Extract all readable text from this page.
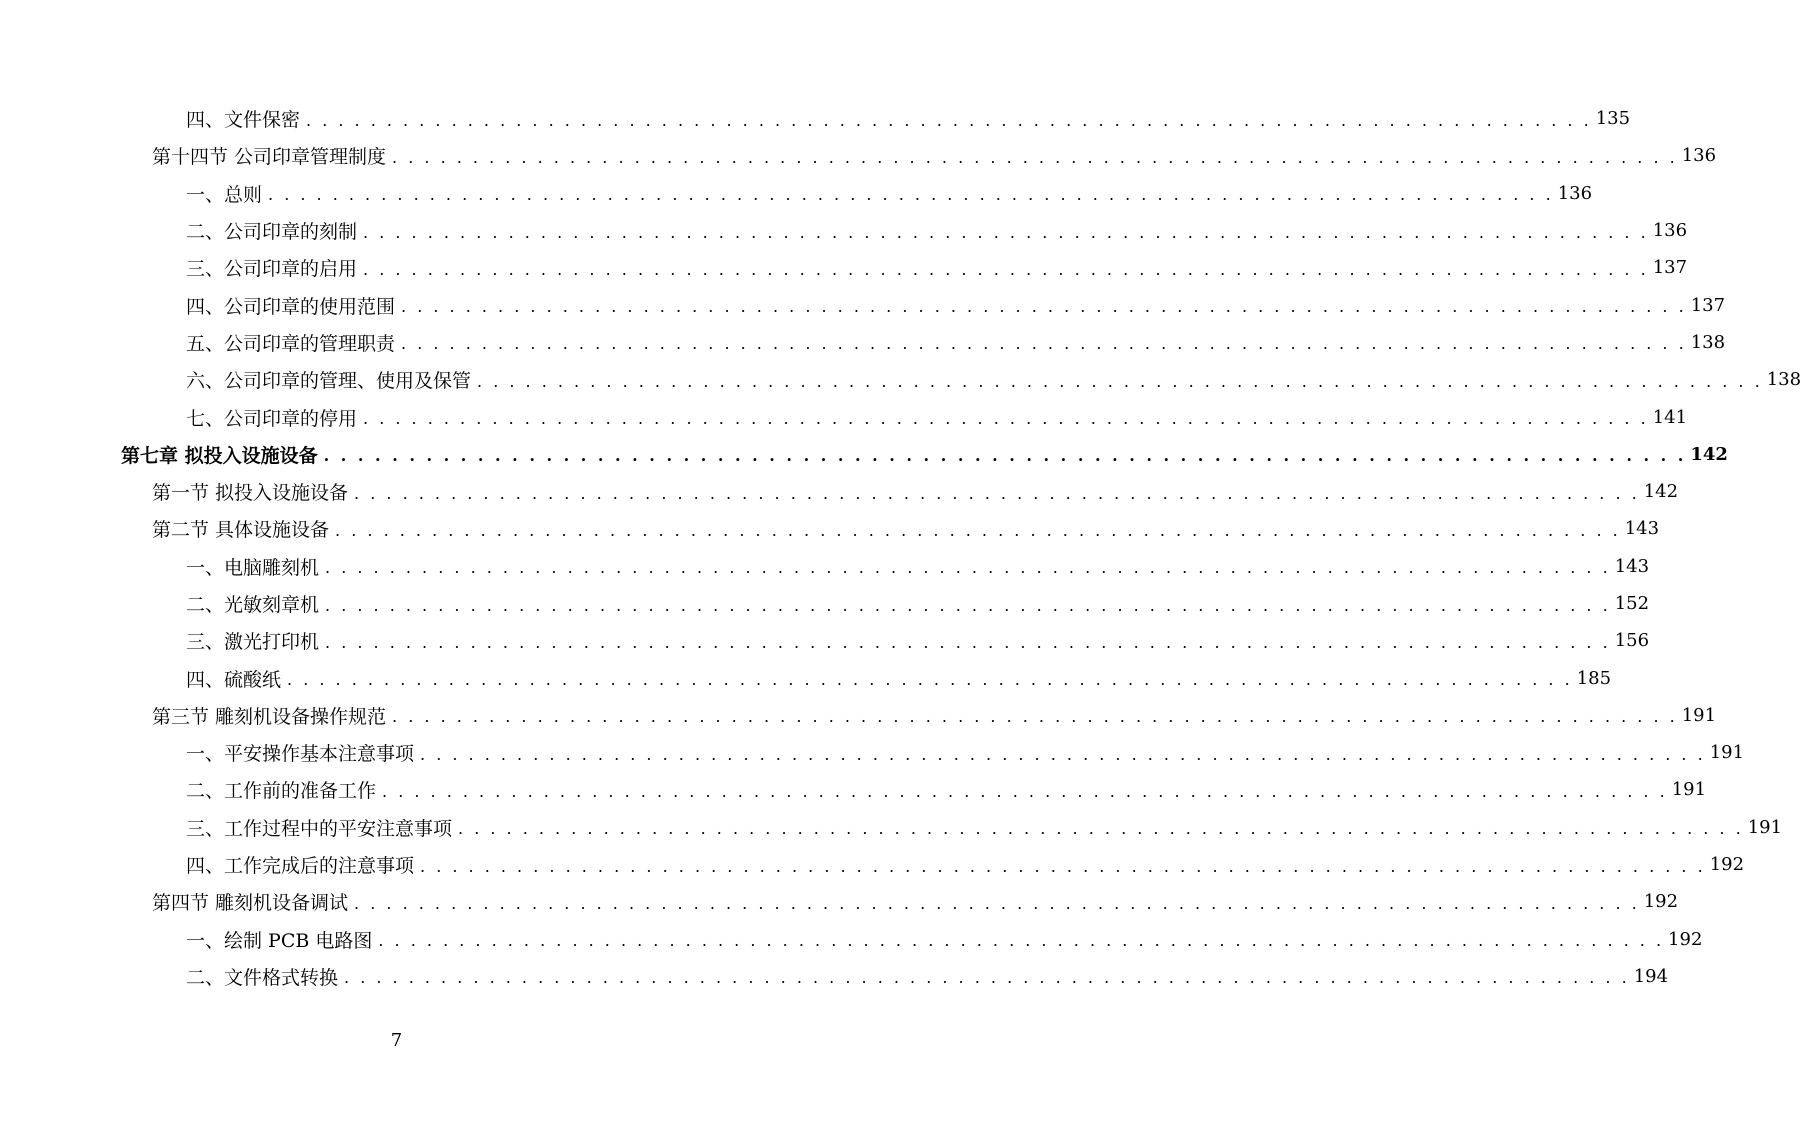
四、文件保密 . . . . . . . . . . . . . . . . . . . . . . . . . . . . . . . . . . . . . . . . . . . . . . . . . . . . . . . . . . . . . . . . . . . . . . . . . . . . . . . . 135
第十四节 公司印章管理制度 . . . . . . . . . . . . . . . . . . . . . . . . . . . . . . . . . . . . . . . . . . . . . . . . . . . . . . . . . . . . . . . . . . . . . . . . . . . . . . . . 136
一、总则 . . . . . . . . . . . . . . . . . . . . . . . . . . . . . . . . . . . . . . . . . . . . . . . . . . . . . . . . . . . . . . . . . . . . . . . . . . . . . . . . 136
二、公司印章的刻制 . . . . . . . . . . . . . . . . . . . . . . . . . . . . . . . . . . . . . . . . . . . . . . . . . . . . . . . . . . . . . . . . . . . . . . . . . . . . . . . . 136
三、公司印章的启用 . . . . . . . . . . . . . . . . . . . . . . . . . . . . . . . . . . . . . . . . . . . . . . . . . . . . . . . . . . . . . . . . . . . . . . . . . . . . . . . . 137
四、公司印章的使用范围 . . . . . . . . . . . . . . . . . . . . . . . . . . . . . . . . . . . . . . . . . . . . . . . . . . . . . . . . . . . . . . . . . . . . . . . . . . . . . . . . 137
五、公司印章的管理职责 . . . . . . . . . . . . . . . . . . . . . . . . . . . . . . . . . . . . . . . . . . . . . . . . . . . . . . . . . . . . . . . . . . . . . . . . . . . . . . . . 138
六、公司印章的管理、使用及保管 . . . . . . . . . . . . . . . . . . . . . . . . . . . . . . . . . . . . . . . . . . . . . . . . . . . . . . . . . . . . . . . . . . . . . . . . . . . . . . . . 138
七、公司印章的停用 . . . . . . . . . . . . . . . . . . . . . . . . . . . . . . . . . . . . . . . . . . . . . . . . . . . . . . . . . . . . . . . . . . . . . . . . . . . . . . . . 141
第七章 拟投入设施设备 . . . . . . . . . . . . . . . . . . . . . . . . . . . . . . . . . . . . . . . . . . . . . . . . . . . . . . . . . . . . . . . . . . . . . . . . . . . . . . . . 142
第一节 拟投入设施设备 . . . . . . . . . . . . . . . . . . . . . . . . . . . . . . . . . . . . . . . . . . . . . . . . . . . . . . . . . . . . . . . . . . . . . . . . . . . . . . . . 142
第二节 具体设施设备 . . . . . . . . . . . . . . . . . . . . . . . . . . . . . . . . . . . . . . . . . . . . . . . . . . . . . . . . . . . . . . . . . . . . . . . . . . . . . . . . 143
一、电脑雕刻机 . . . . . . . . . . . . . . . . . . . . . . . . . . . . . . . . . . . . . . . . . . . . . . . . . . . . . . . . . . . . . . . . . . . . . . . . . . . . . . . . 143
二、光敏刻章机 . . . . . . . . . . . . . . . . . . . . . . . . . . . . . . . . . . . . . . . . . . . . . . . . . . . . . . . . . . . . . . . . . . . . . . . . . . . . . . . . 152
三、激光打印机 . . . . . . . . . . . . . . . . . . . . . . . . . . . . . . . . . . . . . . . . . . . . . . . . . . . . . . . . . . . . . . . . . . . . . . . . . . . . . . . . 156
四、硫酸纸 . . . . . . . . . . . . . . . . . . . . . . . . . . . . . . . . . . . . . . . . . . . . . . . . . . . . . . . . . . . . . . . . . . . . . . . . . . . . . . . . 185
第三节 雕刻机设备操作规范 . . . . . . . . . . . . . . . . . . . . . . . . . . . . . . . . . . . . . . . . . . . . . . . . . . . . . . . . . . . . . . . . . . . . . . . . . . . . . . . . 191
一、平安操作基本注意事项 . . . . . . . . . . . . . . . . . . . . . . . . . . . . . . . . . . . . . . . . . . . . . . . . . . . . . . . . . . . . . . . . . . . . . . . . . . . . . . . . 191
二、工作前的准备工作 . . . . . . . . . . . . . . . . . . . . . . . . . . . . . . . . . . . . . . . . . . . . . . . . . . . . . . . . . . . . . . . . . . . . . . . . . . . . . . . . 191
三、工作过程中的平安注意事项 . . . . . . . . . . . . . . . . . . . . . . . . . . . . . . . . . . . . . . . . . . . . . . . . . . . . . . . . . . . . . . . . . . . . . . . . . . . . . . . . 191
四、工作完成后的注意事项 . . . . . . . . . . . . . . . . . . . . . . . . . . . . . . . . . . . . . . . . . . . . . . . . . . . . . . . . . . . . . . . . . . . . . . . . . . . . . . . . 192
第四节 雕刻机设备调试 . . . . . . . . . . . . . . . . . . . . . . . . . . . . . . . . . . . . . . . . . . . . . . . . . . . . . . . . . . . . . . . . . . . . . . . . . . . . . . . . 192
一、绘制 PCB 电路图 . . . . . . . . . . . . . . . . . . . . . . . . . . . . . . . . . . . . . . . . . . . . . . . . . . . . . . . . . . . . . . . . . . . . . . . . . . . . . . . . 192
二、文件格式转换 . . . . . . . . . . . . . . . . . . . . . . . . . . . . . . . . . . . . . . . . . . . . . . . . . . . . . . . . . . . . . . . . . . . . . . . . . . . . . . . . 194
7
